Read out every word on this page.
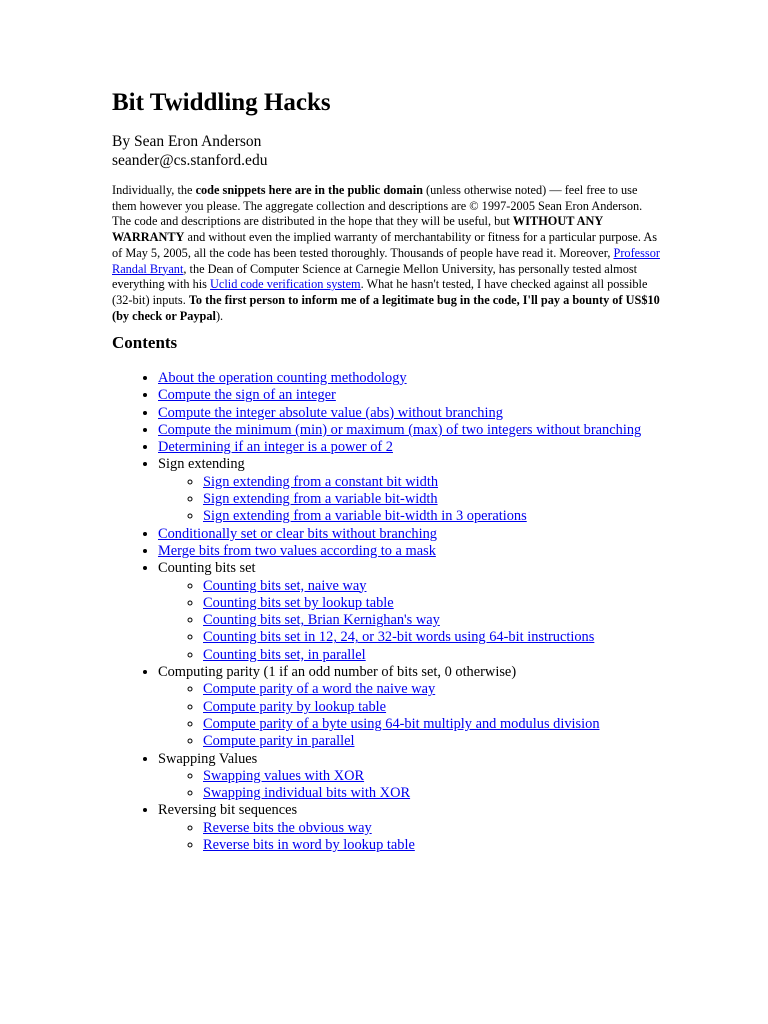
Bit Twiddling Hacks
By Sean Eron Anderson
seander@cs.stanford.edu
Individually, the code snippets here are in the public domain (unless otherwise noted) — feel free to use them however you please. The aggregate collection and descriptions are © 1997-2005 Sean Eron Anderson. The code and descriptions are distributed in the hope that they will be useful, but WITHOUT ANY WARRANTY and without even the implied warranty of merchantability or fitness for a particular purpose. As of May 5, 2005, all the code has been tested thoroughly. Thousands of people have read it. Moreover, Professor Randal Bryant, the Dean of Computer Science at Carnegie Mellon University, has personally tested almost everything with his Uclid code verification system. What he hasn't tested, I have checked against all possible (32-bit) inputs. To the first person to inform me of a legitimate bug in the code, I'll pay a bounty of US$10 (by check or Paypal).
Contents
• About the operation counting methodology
• Compute the sign of an integer
• Compute the integer absolute value (abs) without branching
• Compute the minimum (min) or maximum (max) of two integers without branching
• Determining if an integer is a power of 2
• Sign extending
◦ Sign extending from a constant bit width
◦ Sign extending from a variable bit-width
◦ Sign extending from a variable bit-width in 3 operations
• Conditionally set or clear bits without branching
• Merge bits from two values according to a mask
• Counting bits set
◦ Counting bits set, naive way
◦ Counting bits set by lookup table
◦ Counting bits set, Brian Kernighan's way
◦ Counting bits set in 12, 24, or 32-bit words using 64-bit instructions
◦ Counting bits set, in parallel
• Computing parity (1 if an odd number of bits set, 0 otherwise)
◦ Compute parity of a word the naive way
◦ Compute parity by lookup table
◦ Compute parity of a byte using 64-bit multiply and modulus division
◦ Compute parity in parallel
• Swapping Values
◦ Swapping values with XOR
◦ Swapping individual bits with XOR
• Reversing bit sequences
◦ Reverse bits the obvious way
◦ Reverse bits in word by lookup table
